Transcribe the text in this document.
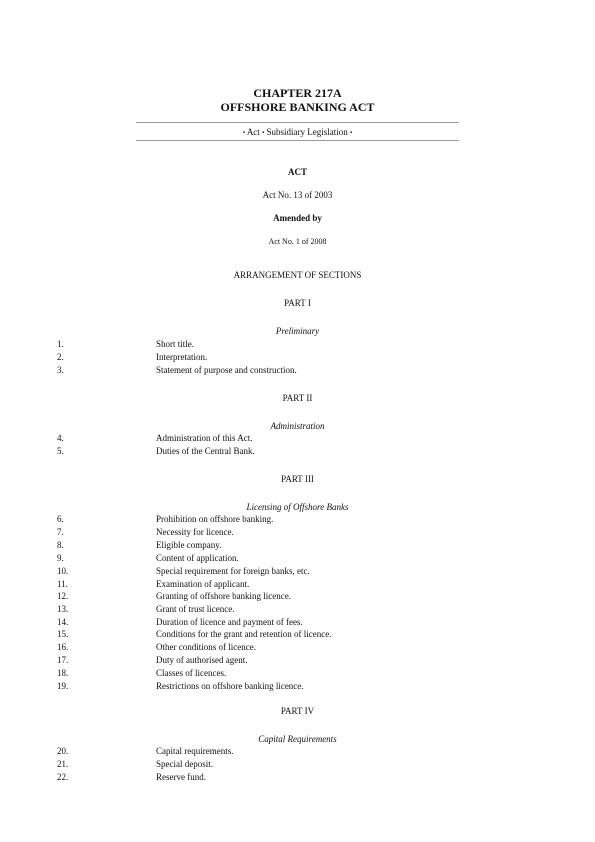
CHAPTER 217A
OFFSHORE BANKING ACT
▪ Act ▪ Subsidiary Legislation ▪
ACT
Act No. 13 of 2003
Amended by
Act No. 1 of 2008
ARRANGEMENT OF SECTIONS
PART I
Preliminary
1.	Short title.
2.	Interpretation.
3.	Statement of purpose and construction.
PART II
Administration
4.	Administration of this Act.
5.	Duties of the Central Bank.
PART III
Licensing of Offshore Banks
6.	Prohibition on offshore banking.
7.	Necessity for licence.
8.	Eligible company.
9.	Content of application.
10.	Special requirement for foreign banks, etc.
11.	Examination of applicant.
12.	Granting of offshore banking licence.
13.	Grant of trust licence.
14.	Duration of licence and payment of fees.
15.	Conditions for the grant and retention of licence.
16.	Other conditions of licence.
17.	Duty of authorised agent.
18.	Classes of licences.
19.	Restrictions on offshore banking licence.
PART IV
Capital Requirements
20.	Capital requirements.
21.	Special deposit.
22.	Reserve fund.
